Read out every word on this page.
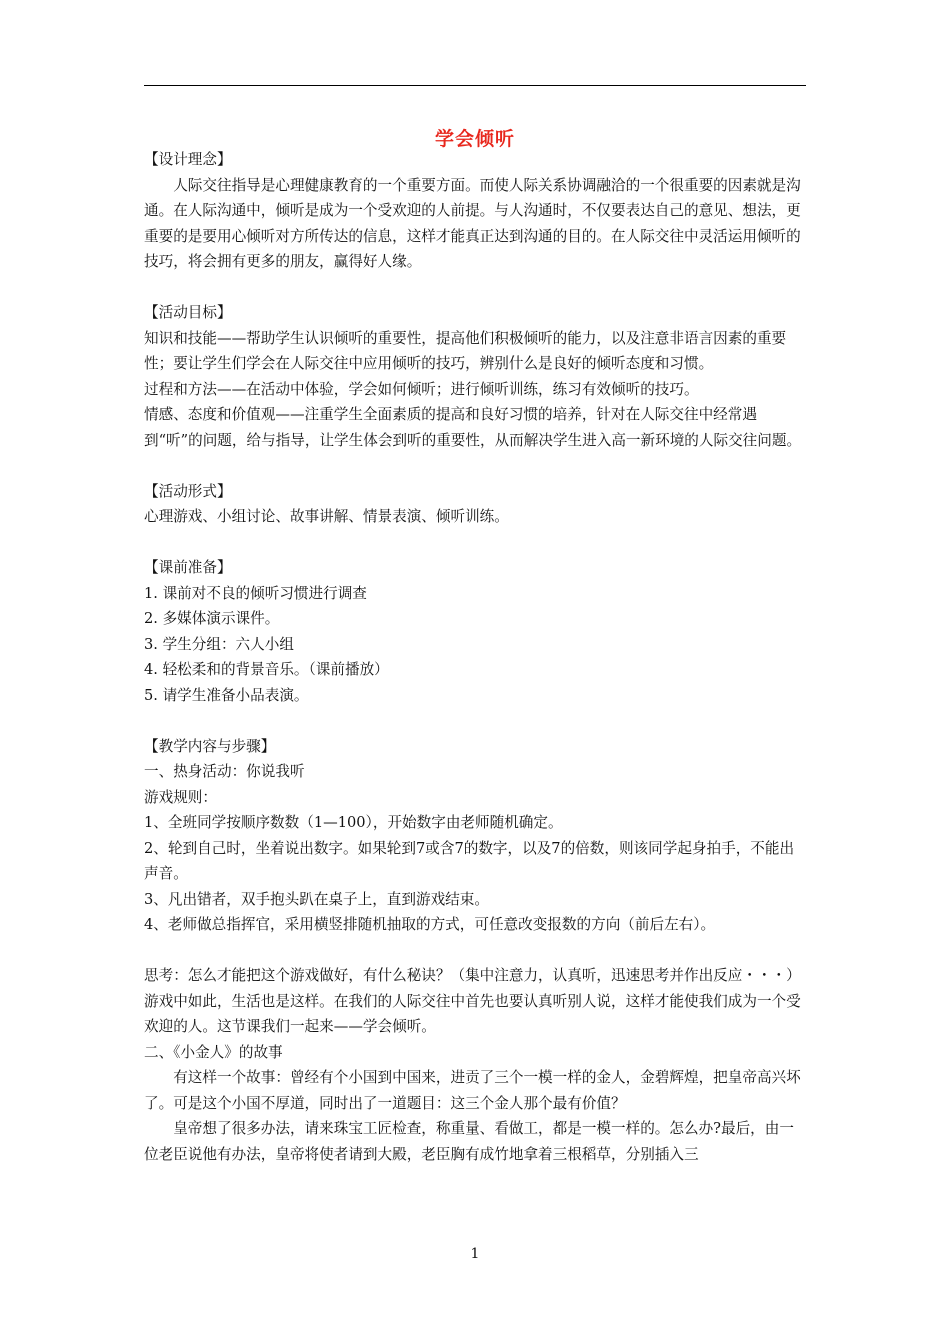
学会倾听

【设计理念】

人际交往指导是心理健康教育的一个重要方面。而使人际关系协调融洽的一个很重要的因素就是沟通。在人际沟通中，倾听是成为一个受欢迎的人前提。与人沟通时，不仅要表达自己的意见、想法，更重要的是要用心倾听对方所传达的信息，这样才能真正达到沟通的目的。在人际交往中灵活运用倾听的技巧，将会拥有更多的朋友，赢得好人缘。

【活动目标】

知识和技能——帮助学生认识倾听的重要性，提高他们积极倾听的能力，以及注意非语言因素的重要性；要让学生们学会在人际交往中应用倾听的技巧，辨别什么是良好的倾听态度和习惯。

过程和方法——在活动中体验，学会如何倾听；进行倾听训练，练习有效倾听的技巧。

情感、态度和价值观——注重学生全面素质的提高和良好习惯的培养，针对在人际交往中经常遇到“听”的问题，给与指导，让学生体会到听的重要性，从而解决学生进入高一新环境的人际交往问题。

【活动形式】

心理游戏、小组讨论、故事讲解、情景表演、倾听训练。

【课前准备】

1. 课前对不良的倾听习惯进行调查

2. 多媒体演示课件。

3. 学生分组：六人小组

4. 轻松柔和的背景音乐。（课前播放）

5. 请学生准备小品表演。

【教学内容与步骤】

一、热身活动：你说我听

游戏规则：

1、全班同学按顺序数数（1—100），开始数字由老师随机确定。

2、轮到自己时，坐着说出数字。如果轮到7或含7的数字，以及7的倍数，则该同学起身拍手，不能出声音。

3、凡出错者，双手抱头趴在桌子上，直到游戏结束。

4、老师做总指挥官，采用横竖排随机抽取的方式，可任意改变报数的方向（前后左右）。

思考：怎么才能把这个游戏做好，有什么秘诀？（集中注意力，认真听，迅速思考并作出反应・・・）

游戏中如此，生活也是这样。在我们的人际交往中首先也要认真听别人说，这样才能使我们成为一个受欢迎的人。这节课我们一起来——学会倾听。

二、《小金人》的故事

有这样一个故事：曾经有个小国到中国来，进贡了三个一模一样的金人，金碧辉煌，把皇帝高兴坏了。可是这个小国不厚道，同时出了一道题目：这三个金人那个最有价值？

皇帝想了很多办法，请来珠宝工匠检查，称重量、看做工，都是一模一样的。怎么办?最后，由一位老臣说他有办法，皇帝将使者请到大殿，老臣胸有成竹地拿着三根稻草，分别插入三

1
